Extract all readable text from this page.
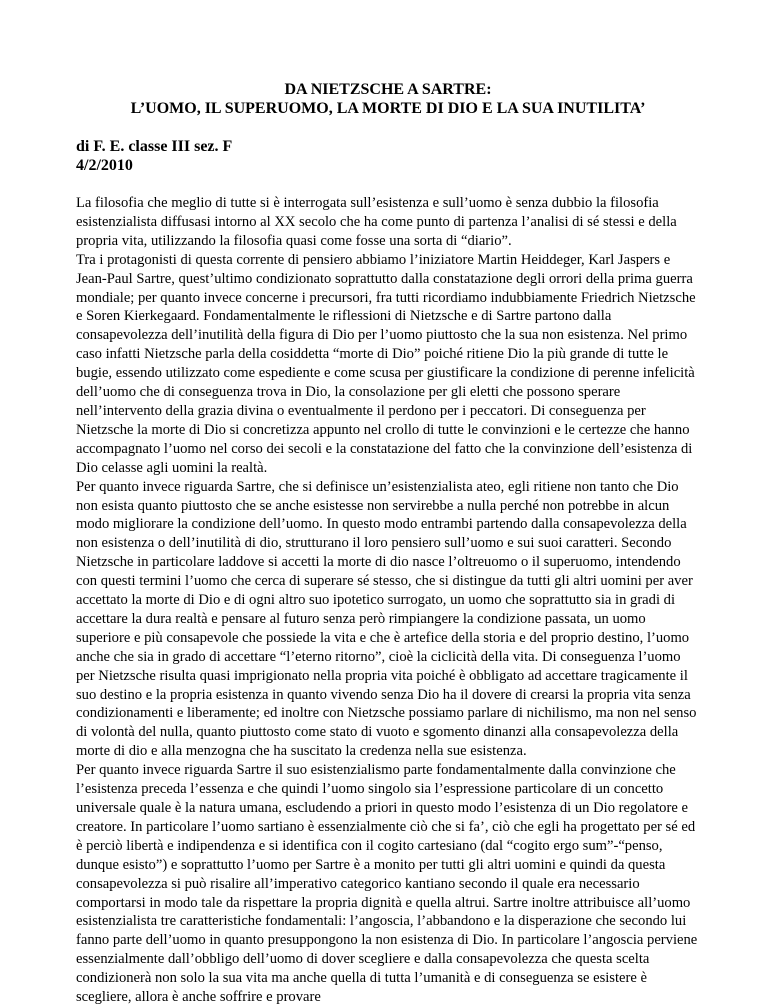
DA NIETZSCHE A SARTRE:
L’UOMO, IL SUPERUOMO, LA MORTE DI DIO E LA SUA INUTILITA’
di F. E. classe III sez. F
4/2/2010

La filosofia che meglio di tutte si è interrogata sull’esistenza e sull’uomo è senza dubbio la filosofia esistenzialista diffusasi intorno al XX secolo che ha come punto di partenza l’analisi di sé stessi e della propria vita, utilizzando la filosofia quasi come fosse una sorta di “diario”.

Tra i protagonisti di questa corrente di pensiero abbiamo l’iniziatore Martin Heiddeger, Karl Jaspers e Jean-Paul Sartre, quest’ultimo condizionato soprattutto dalla constatazione degli orrori della prima guerra mondiale; per quanto invece concerne i precursori, fra tutti ricordiamo indubbiamente Friedrich Nietzsche e Soren Kierkegaard. Fondamentalmente le riflessioni di Nietzsche e di Sartre partono dalla consapevolezza dell’inutilità della figura di Dio per l’uomo piuttosto che la sua non esistenza. Nel primo caso infatti Nietzsche parla della cosiddetta “morte di Dio” poiché ritiene Dio la più grande di tutte le bugie, essendo utilizzato come espediente e come scusa per giustificare la condizione di perenne infelicità dell’uomo che di conseguenza trova in Dio, la consolazione per gli eletti che possono sperare nell’intervento della grazia divina o eventualmente il perdono per i peccatori. Di conseguenza per Nietzsche la morte di Dio si concretizza appunto nel crollo di tutte le convinzioni e le certezze che hanno accompagnato l’uomo nel corso dei secoli e la constatazione del fatto che la convinzione dell’esistenza di Dio celasse agli uomini la realtà.

Per quanto invece riguarda Sartre, che si definisce un’esistenzialista ateo, egli ritiene non tanto che Dio non esista quanto piuttosto che se anche esistesse non servirebbe a nulla perché non potrebbe in alcun modo migliorare la condizione dell’uomo. In questo modo entrambi partendo dalla consapevolezza della non esistenza o dell’inutilità di dio, strutturano il loro pensiero sull’uomo e sui suoi caratteri. Secondo Nietzsche in particolare laddove si accetti la morte di dio nasce l’oltreuomo o il superuomo, intendendo con questi termini l’uomo che cerca di superare sé stesso, che si distingue da tutti gli altri uomini per aver accettato la morte di Dio e di ogni altro suo ipotetico surrogato, un uomo che soprattutto sia in gradi di accettare la dura realtà e pensare al futuro senza però rimpiangere la condizione passata, un uomo superiore e più consapevole che possiede la vita e che è artefice della storia e del proprio destino, l’uomo anche che sia in grado di accettare “l’eterno ritorno”, cioè la ciclicità della vita. Di conseguenza l’uomo per Nietzsche risulta quasi imprigionato nella propria vita poiché è obbligato ad accettare tragicamente il suo destino e la propria esistenza in quanto vivendo senza Dio ha il dovere di crearsi la propria vita senza condizionamenti e liberamente; ed inoltre con Nietzsche possiamo parlare di nichilismo, ma non nel senso di volontà del nulla, quanto piuttosto come stato di vuoto e sgomento dinanzi alla consapevolezza della morte di dio e alla menzogna che ha suscitato la credenza nella sue esistenza.

Per quanto invece riguarda Sartre il suo esistenzialismo parte fondamentalmente dalla convinzione che l’esistenza preceda l’essenza e che quindi l’uomo singolo sia l’espressione particolare di un concetto universale quale è la natura umana, escludendo a priori in questo modo l’esistenza di un Dio regolatore e creatore. In particolare l’uomo sartiano è essenzialmente ciò che si fa’, ciò che egli ha progettato per sé ed è perciò libertà e indipendenza e si identifica con il cogito cartesiano (dal “cogito ergo sum”-“penso, dunque esisto”) e soprattutto l’uomo per Sartre è a monito per tutti gli altri uomini e quindi da questa consapevolezza si può risalire all’imperativo categorico kantiano secondo il quale era necessario comportarsi in modo tale da rispettare la propria dignità e quella altrui. Sartre inoltre attribuisce all’uomo esistenzialista tre caratteristiche fondamentali: l’angoscia, l’abbandono e la disperazione che secondo lui fanno parte dell’uomo in quanto presuppongono la non esistenza di Dio. In particolare l’angoscia perviene essenzialmente dall’obbligo dell’uomo di dover scegliere e dalla consapevolezza che questa scelta condizionerà non solo la sua vita ma anche quella di tutta l’umanità e di conseguenza se esistere è scegliere, allora è anche soffrire e provare
